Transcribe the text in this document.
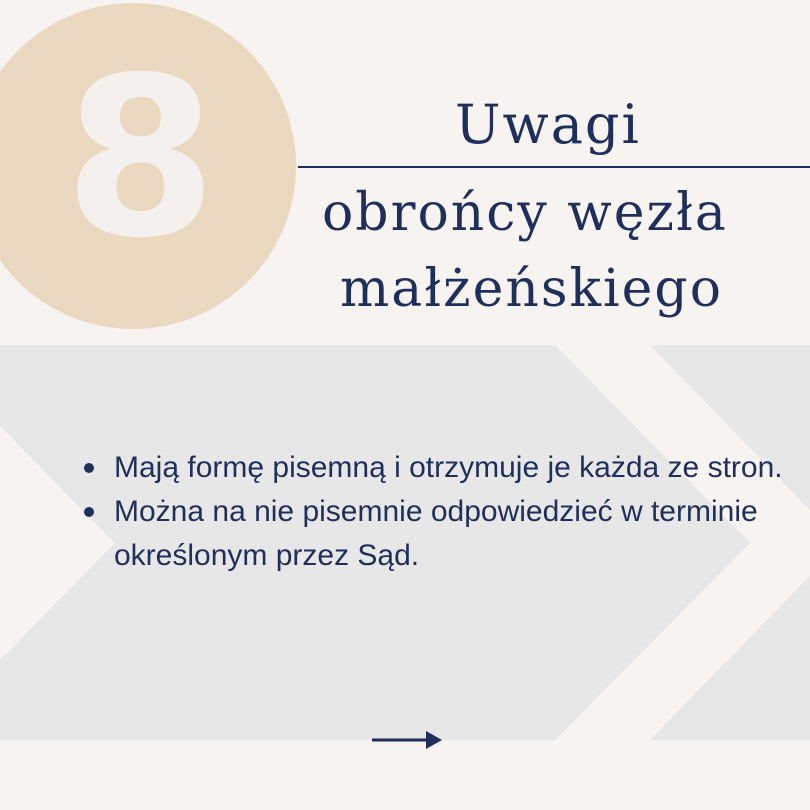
8	Uwagi
obrońcy węzła
małżeńskiego
Mają formę pisemną i otrzymuje je każda ze stron.
Można na nie pisemnie odpowiedzieć w terminie określonym przez Sąd.
